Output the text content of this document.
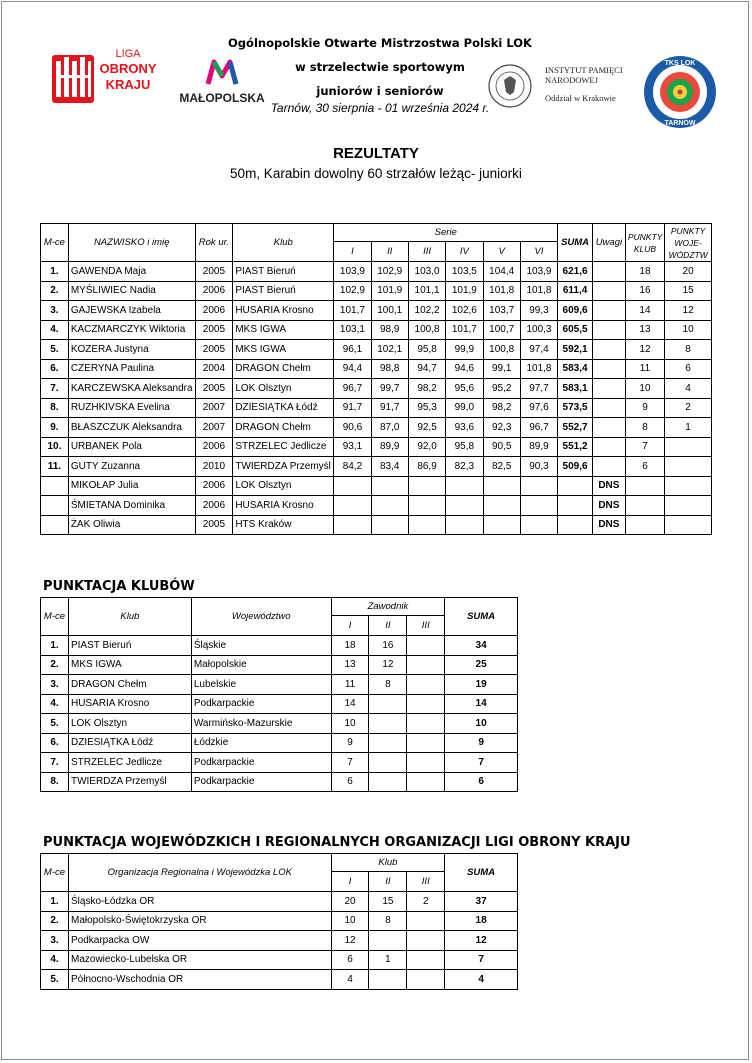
LIGA
OBRONY
KRAJU
MAŁOPOLSKA
INSTYTUT PAMIĘCI
NARODOWEJ
Oddział w Krakowie
TKS LOK
TARNÓW
Ogólnopolskie Otwarte Mistrzostwa Polski LOK
w strzelectwie sportowym
juniorów i seniorów
Tarnów, 30 sierpnia - 01 września 2024 r.
REZULTATY
50m, Karabin dowolny 60 strzałów leżąc- juniorki
M-ce	NAZWISKO i imię	Rok ur.	Klub	Serie						SUMA	Uwagi	PUNKTY KLUB	PUNKTY WOJE-WÓDZTW
				I	II	III	IV	V	VI				
1.	GAWENDA Maja	2005	PIAST Bieruń	103,9	102,9	103,0	103,5	104,4	103,9	621,6		18	20
2.	MYŚLIWIEC Nadia	2006	PIAST Bieruń	102,9	101,9	101,1	101,9	101,8	101,8	611,4		16	15
3.	GAJEWSKA Izabela	2006	HUSARIA Krosno	101,7	100,1	102,2	102,6	103,7	99,3	609,6		14	12
4.	KACZMARCZYK Wiktoria	2005	MKS IGWA	103,1	98,9	100,8	101,7	100,7	100,3	605,5		13	10
5.	KOZERA Justyna	2005	MKS IGWA	96,1	102,1	95,8	99,9	100,8	97,4	592,1		12	8
6.	CZERYNA Paulina	2004	DRAGON Chełm	94,4	98,8	94,7	94,6	99,1	101,8	583,4		11	6
7.	KARCZEWSKA Aleksandra	2005	LOK Olsztyn	96,7	99,7	98,2	95,6	95,2	97,7	583,1		10	4
8.	RUZHKIVSKA Evelina	2007	DZIESIĄTKA Łódź	91,7	91,7	95,3	99,0	98,2	97,6	573,5		9	2
9.	BŁASZCZUK Aleksandra	2007	DRAGON Chełm	90,6	87,0	92,5	93,6	92,3	96,7	552,7		8	1
10.	URBANEK Pola	2006	STRZELEC Jedlicze	93,1	89,9	92,0	95,8	90,5	89,9	551,2		7	
11.	GUTY Zuzanna	2010	TWIERDZA Przemyśl	84,2	83,4	86,9	82,3	82,5	90,3	509,6		6	
	MIKOŁAP Julia	2006	LOK Olsztyn								DNS		
	ŚMIETANA Dominika	2006	HUSARIA Krosno								DNS		
	ŻAK Oliwia	2005	HTS Kraków								DNS		
PUNKTACJA KLUBÓW
M-ce	Klub	Województwo	Zawodnik			SUMA
			I	II	III	
1.	PIAST Bieruń	Śląskie	18	16		34
2.	MKS IGWA	Małopolskie	13	12		25
3.	DRAGON Chełm	Lubelskie	11	8		19
4.	HUSARIA Krosno	Podkarpackie	14			14
5.	LOK Olsztyn	Warmińsko-Mazurskie	10			10
6.	DZIESIĄTKA Łódź	Łódzkie	9			9
7.	STRZELEC Jedlicze	Podkarpackie	7			7
8.	TWIERDZA Przemyśl	Podkarpackie	6			6
PUNKTACJA WOJEWÓDZKICH I REGIONALNYCH ORGANIZACJI LIGI OBRONY KRAJU
M-ce	Organizacja Regionalna i Wojewódzka LOK	Klub			SUMA
		I	II	III	
1.	Śląsko-Łódzka OR	20	15	2	37
2.	Małopolsko-Świętokrzyska OR	10	8		18
3.	Podkarpacka OW	12			12
4.	Mazowiecko-Lubelska OR	6	1		7
5.	Północno-Wschodnia OR	4			4
